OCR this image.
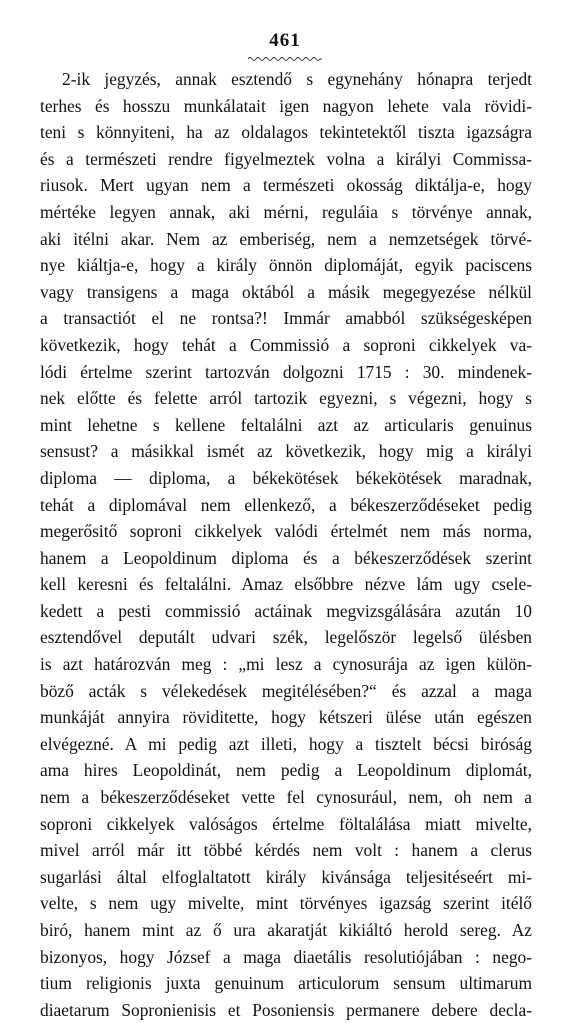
461
2-ik jegyzés, annak esztendő s egynehány hónapra terjedt
terhes és hosszu munkálatait igen nagyon lehete vala rövidi-
teni s könnyiteni, ha az oldalagos tekintetektől tiszta igazságra
és a természeti rendre figyelmeztek volna a királyi Commissa-
riusok. Mert ugyan nem a természeti okosság diktálja-e, hogy
mértéke legyen annak, aki mérni, reguláia s törvénye annak,
aki itélni akar. Nem az emberiség, nem a nemzetségek törvé-
nye kiáltja-e, hogy a király önnön diplomáját, egyik paciscens
vagy transigens a maga oktából a másik megegyezése nélkül
a transactiót el ne rontsa?! Immár amabból szükségesképen
következik, hogy tehát a Commissió a soproni cikkelyek va-
lódi értelme szerint tartozván dolgozni 1715 : 30. mindenek-
nek előtte és felette arról tartozik egyezni, s végezni, hogy s
mint lehetne s kellene feltalálni azt az articularis genuinus
sensust? a másikkal ismét az következik, hogy mig a királyi
diploma — diploma, a békekötések békekötések maradnak,
tehát a diplomával nem ellenkező, a békeszerződéseket pedig
megerősitő soproni cikkelyek valódi értelmét nem más norma,
hanem a Leopoldinum diploma és a békeszerződések szerint
kell keresni és feltalálni. Amaz elsőbbre nézve lám ugy csele-
kedett a pesti commissió actáinak megvizsgálására azután 10
esztendővel deputált udvari szék, legelőször legelső ülésben
is azt határozván meg : „mi lesz a cynosurája az igen külön-
böző acták s vélekedések megitélésében?“ és azzal a maga
munkáját annyira röviditette, hogy kétszeri ülése után egészen
elvégezné. A mi pedig azt illeti, hogy a tisztelt bécsi biróság
ama hires Leopoldinát, nem pedig a Leopoldinum diplomát,
nem a békeszerződéseket vette fel cynosurául, nem, oh nem a
soproni cikkelyek valóságos értelme föltalálása miatt mivelte,
mivel arról már itt többé kérdés nem volt : hanem a clerus
sugarlási által elfoglaltatott király kivánsága teljesitéseért mi-
velte, s nem ugy mivelte, mint törvényes igazság szerint itélő
biró, hanem mint az ő ura akaratját kikiáltó herold sereg. Az
bizonyos, hogy József a maga diaetális resolutiójában : nego-
tium religionis juxta genuinum articulorum sensum ultimarum
diaetarum Sopronienisis et Posoniensis permanere debere decla-
